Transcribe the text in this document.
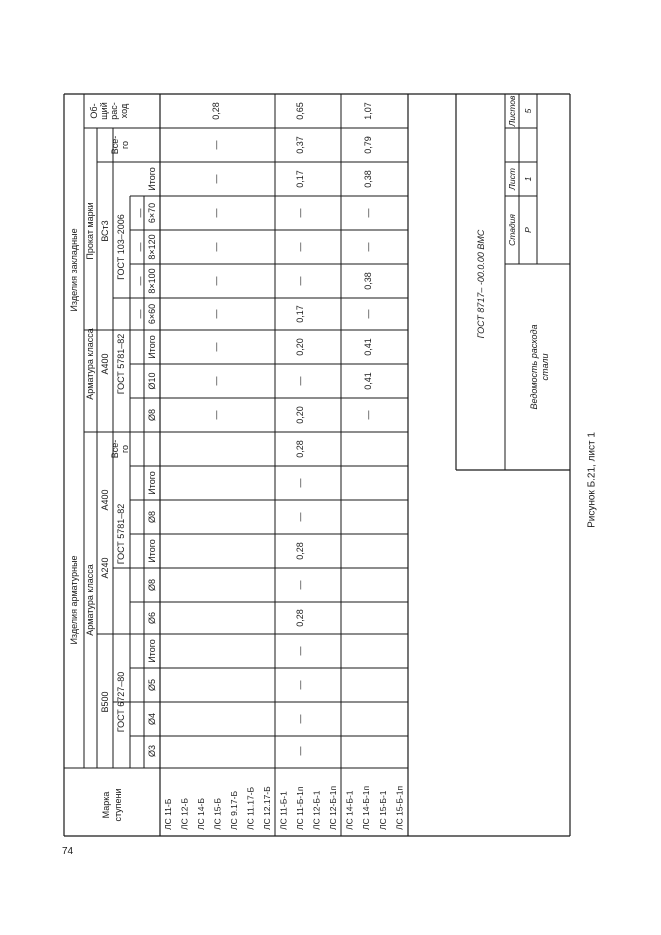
Марка ступени
Изделия арматурные Арматура класса
Изделия закладные
В500 ГОСТ 6727–80
А240
А400
ГОСТ 5781–82
А400
Арматура класса ГОСТ 5781–82
Прокат марки ВСт3 ГОСТ 103–2006
Все- го
Все- го
Об- щий рас- ход
Ø3
Ø4
Ø5
Итого
Ø6
Ø8
Итого
Ø8
Итого
Ø8
Ø10
Итого
6×60
8×100
8×120
6×70
Итого
—
—
—
—
ЛС 11-Б ЛС 12-Б ЛС 14-Б ЛС 15-Б ЛС 9.17-Б ЛС 11.17-Б ЛС 12.17-Б ЛС 11-Б-1 ЛС 11-Б-1п ЛС 12-Б-1 ЛС 12-Б-1п ЛС 14-Б-1 ЛС 14-Б-1п ЛС 15-Б-1 ЛС 15-Б-1п
—
—
—
—
—
—
—
—
—
0,28
—
—
—
—
0,28
—
0,28
—
—
0,28
0,20
—
0,20
0,17
—
—
—
0,17
0,37
0,65
—
0,41
0,41
—
0,38
—
—
0,38
0,79
1,07
ГОСТ 8717– -00.0.00 ВМС
Ведомость расхода стали
Стадия
Лист
Листов
Р
1
5
Рисунок Б.21, лист 1
74
